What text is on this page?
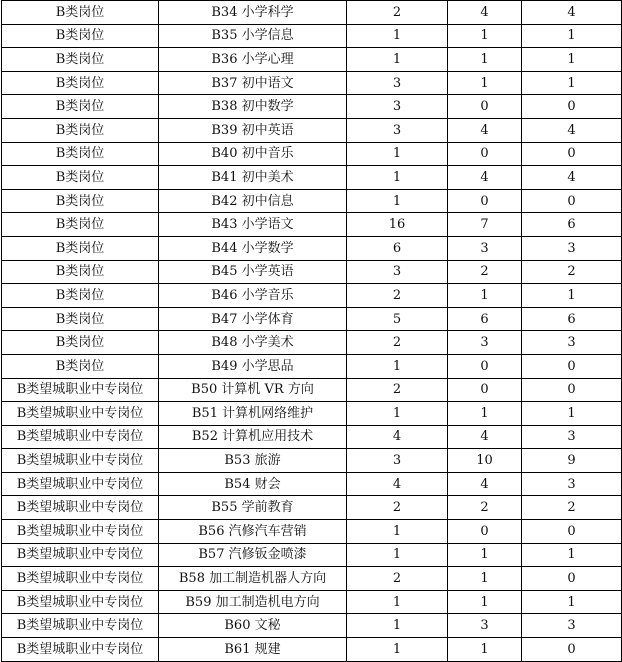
B类岗位	B34 小学科学	2	4	4
B类岗位	B35 小学信息	1	1	1
B类岗位	B36 小学心理	1	1	1
B类岗位	B37 初中语文	3	1	1
B类岗位	B38 初中数学	3	0	0
B类岗位	B39 初中英语	3	4	4
B类岗位	B40 初中音乐	1	0	0
B类岗位	B41 初中美术	1	4	4
B类岗位	B42 初中信息	1	0	0
B类岗位	B43 小学语文	16	7	6
B类岗位	B44 小学数学	6	3	3
B类岗位	B45 小学英语	3	2	2
B类岗位	B46 小学音乐	2	1	1
B类岗位	B47 小学体育	5	6	6
B类岗位	B48 小学美术	2	3	3
B类岗位	B49 小学思品	1	0	0
B类望城职业中专岗位	B50 计算机 VR 方向	2	0	0
B类望城职业中专岗位	B51 计算机网络维护	1	1	1
B类望城职业中专岗位	B52 计算机应用技术	4	4	3
B类望城职业中专岗位	B53 旅游	3	10	9
B类望城职业中专岗位	B54 财会	4	4	3
B类望城职业中专岗位	B55 学前教育	2	2	2
B类望城职业中专岗位	B56 汽修汽车营销	1	0	0
B类望城职业中专岗位	B57 汽修钣金喷漆	1	1	1
B类望城职业中专岗位	B58 加工制造机器人方向	2	1	0
B类望城职业中专岗位	B59 加工制造机电方向	1	1	1
B类望城职业中专岗位	B60 文秘	1	3	3
B类望城职业中专岗位	B61 规建	1	1	0
